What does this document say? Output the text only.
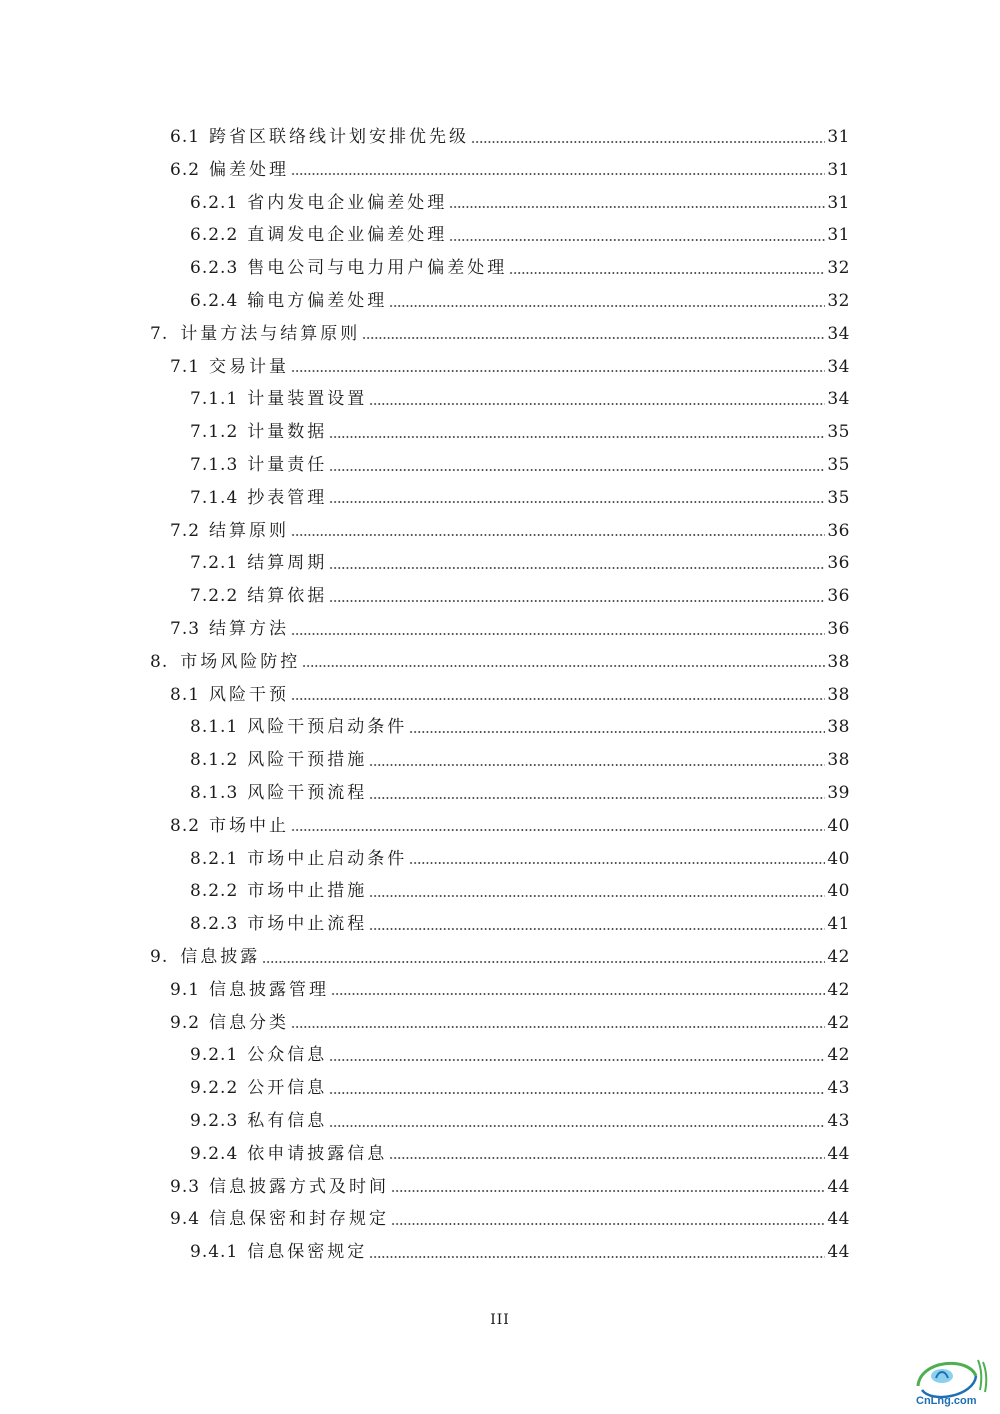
6.1 跨省区联络线计划安排优先级	31
6.2 偏差处理	31
6.2.1 省内发电企业偏差处理	31
6.2.2 直调发电企业偏差处理	31
6.2.3 售电公司与电力用户偏差处理	32
6.2.4 输电方偏差处理	32
7. 计量方法与结算原则	34
7.1 交易计量	34
7.1.1 计量装置设置	34
7.1.2 计量数据	35
7.1.3 计量责任	35
7.1.4 抄表管理	35
7.2 结算原则	36
7.2.1 结算周期	36
7.2.2 结算依据	36
7.3 结算方法	36
8. 市场风险防控	38
8.1 风险干预	38
8.1.1 风险干预启动条件	38
8.1.2 风险干预措施	38
8.1.3 风险干预流程	39
8.2 市场中止	40
8.2.1 市场中止启动条件	40
8.2.2 市场中止措施	40
8.2.3 市场中止流程	41
9. 信息披露	42
9.1 信息披露管理	42
9.2 信息分类	42
9.2.1 公众信息	42
9.2.2 公开信息	43
9.2.3 私有信息	43
9.2.4 依申请披露信息	44
9.3 信息披露方式及时间	44
9.4 信息保密和封存规定	44
9.4.1 信息保密规定	44
III
CnLng.com
